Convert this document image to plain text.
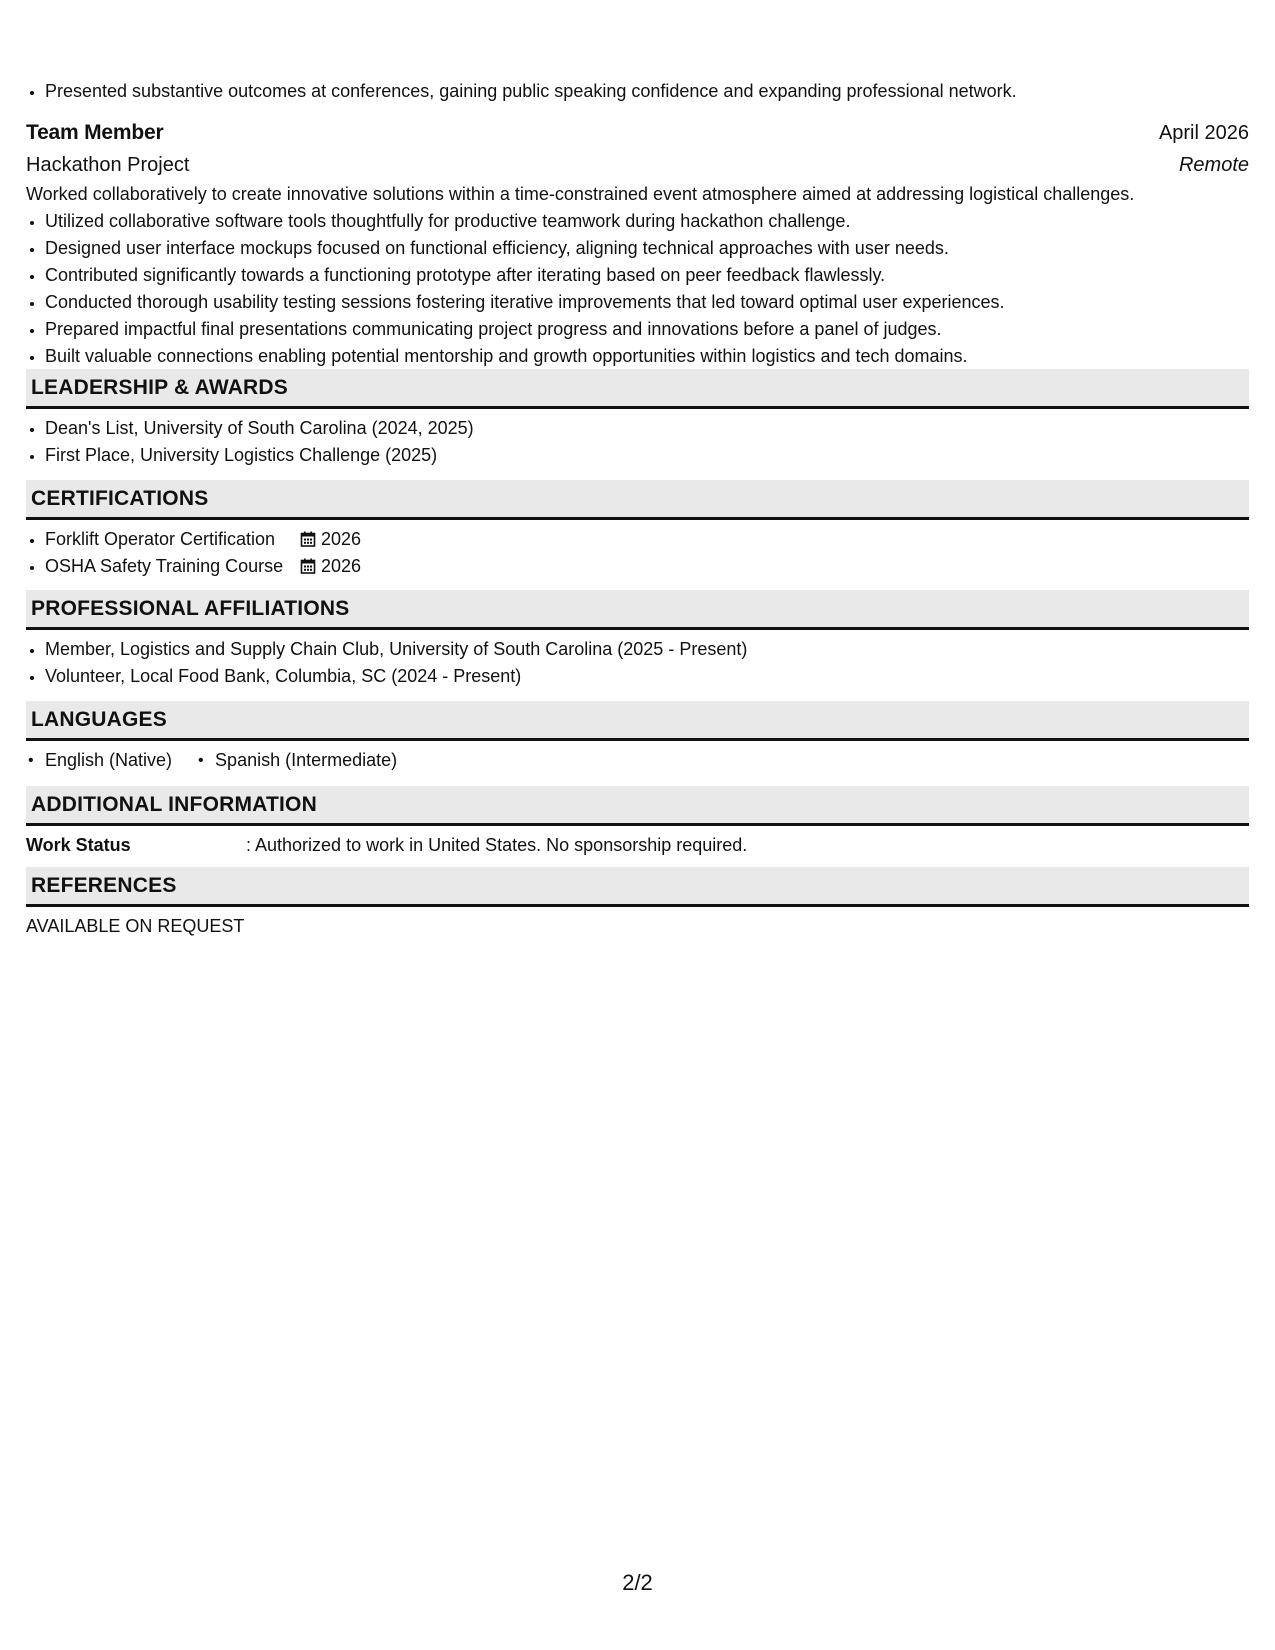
• Presented substantive outcomes at conferences, gaining public speaking confidence and expanding professional network.
Team Member	April 2026
Hackathon Project	Remote
Worked collaboratively to create innovative solutions within a time-constrained event atmosphere aimed at addressing logistical challenges.
• Utilized collaborative software tools thoughtfully for productive teamwork during hackathon challenge.
• Designed user interface mockups focused on functional efficiency, aligning technical approaches with user needs.
• Contributed significantly towards a functioning prototype after iterating based on peer feedback flawlessly.
• Conducted thorough usability testing sessions fostering iterative improvements that led toward optimal user experiences.
• Prepared impactful final presentations communicating project progress and innovations before a panel of judges.
• Built valuable connections enabling potential mentorship and growth opportunities within logistics and tech domains.
LEADERSHIP & AWARDS
• Dean's List, University of South Carolina (2024, 2025)
• First Place, University Logistics Challenge (2025)
CERTIFICATIONS
• Forklift Operator Certification	2026
• OSHA Safety Training Course 2026
PROFESSIONAL AFFILIATIONS
• Member, Logistics and Supply Chain Club, University of South Carolina (2025 - Present)
• Volunteer, Local Food Bank, Columbia, SC (2024 - Present)
LANGUAGES
• English (Native)
•	Spanish (Intermediate)
ADDITIONAL INFORMATION
Work Status	: Authorized to work in United States. No sponsorship required.
REFERENCES
AVAILABLE ON REQUEST
2/2
